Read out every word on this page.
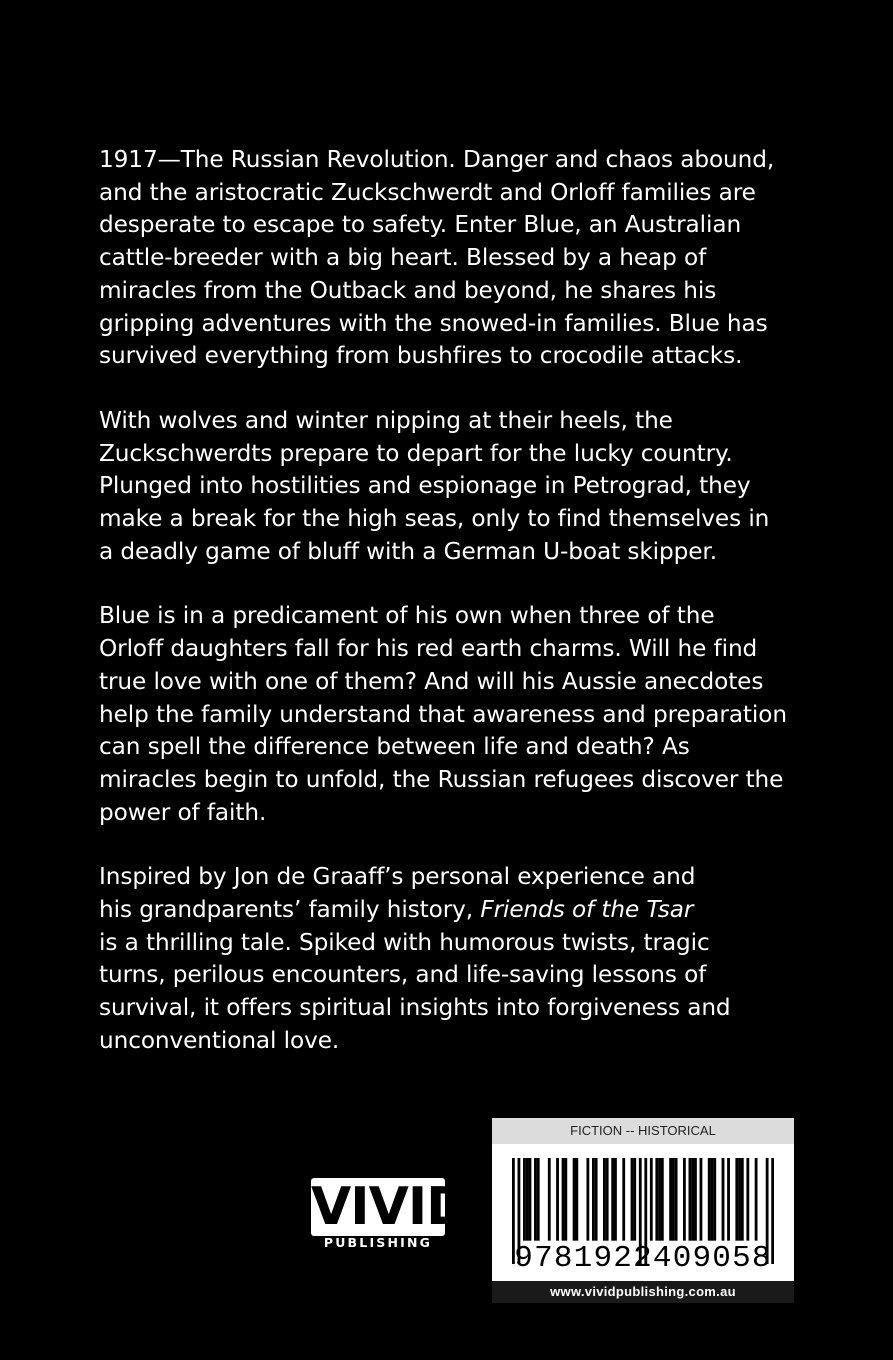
1917—The Russian Revolution. Danger and chaos abound,
and the aristocratic Zuckschwerdt and Orloff families are
desperate to escape to safety. Enter Blue, an Australian
cattle-breeder with a big heart. Blessed by a heap of
miracles from the Outback and beyond, he shares his
gripping adventures with the snowed-in families. Blue has
survived everything from bushfires to crocodile attacks.

With wolves and winter nipping at their heels, the
Zuckschwerdts prepare to depart for the lucky country.
Plunged into hostilities and espionage in Petrograd, they
make a break for the high seas, only to find themselves in
a deadly game of bluff with a German U-boat skipper.

Blue is in a predicament of his own when three of the
Orloff daughters fall for his red earth charms. Will he find
true love with one of them? And will his Aussie anecdotes
help the family understand that awareness and preparation
can spell the difference between life and death? As
miracles begin to unfold, the Russian refugees discover the
power of faith.

Inspired by Jon de Graaff’s personal experience and
his grandparents’ family history, Friends of the Tsar
is a thrilling tale. Spiked with humorous twists, tragic
turns, perilous encounters, and life-saving lessons of
survival, it offers spiritual insights into forgiveness and
unconventional love.

VIVID
PUBLISHING
FICTION -- HISTORICAL
9781922409058
www.vividpublishing.com.au
